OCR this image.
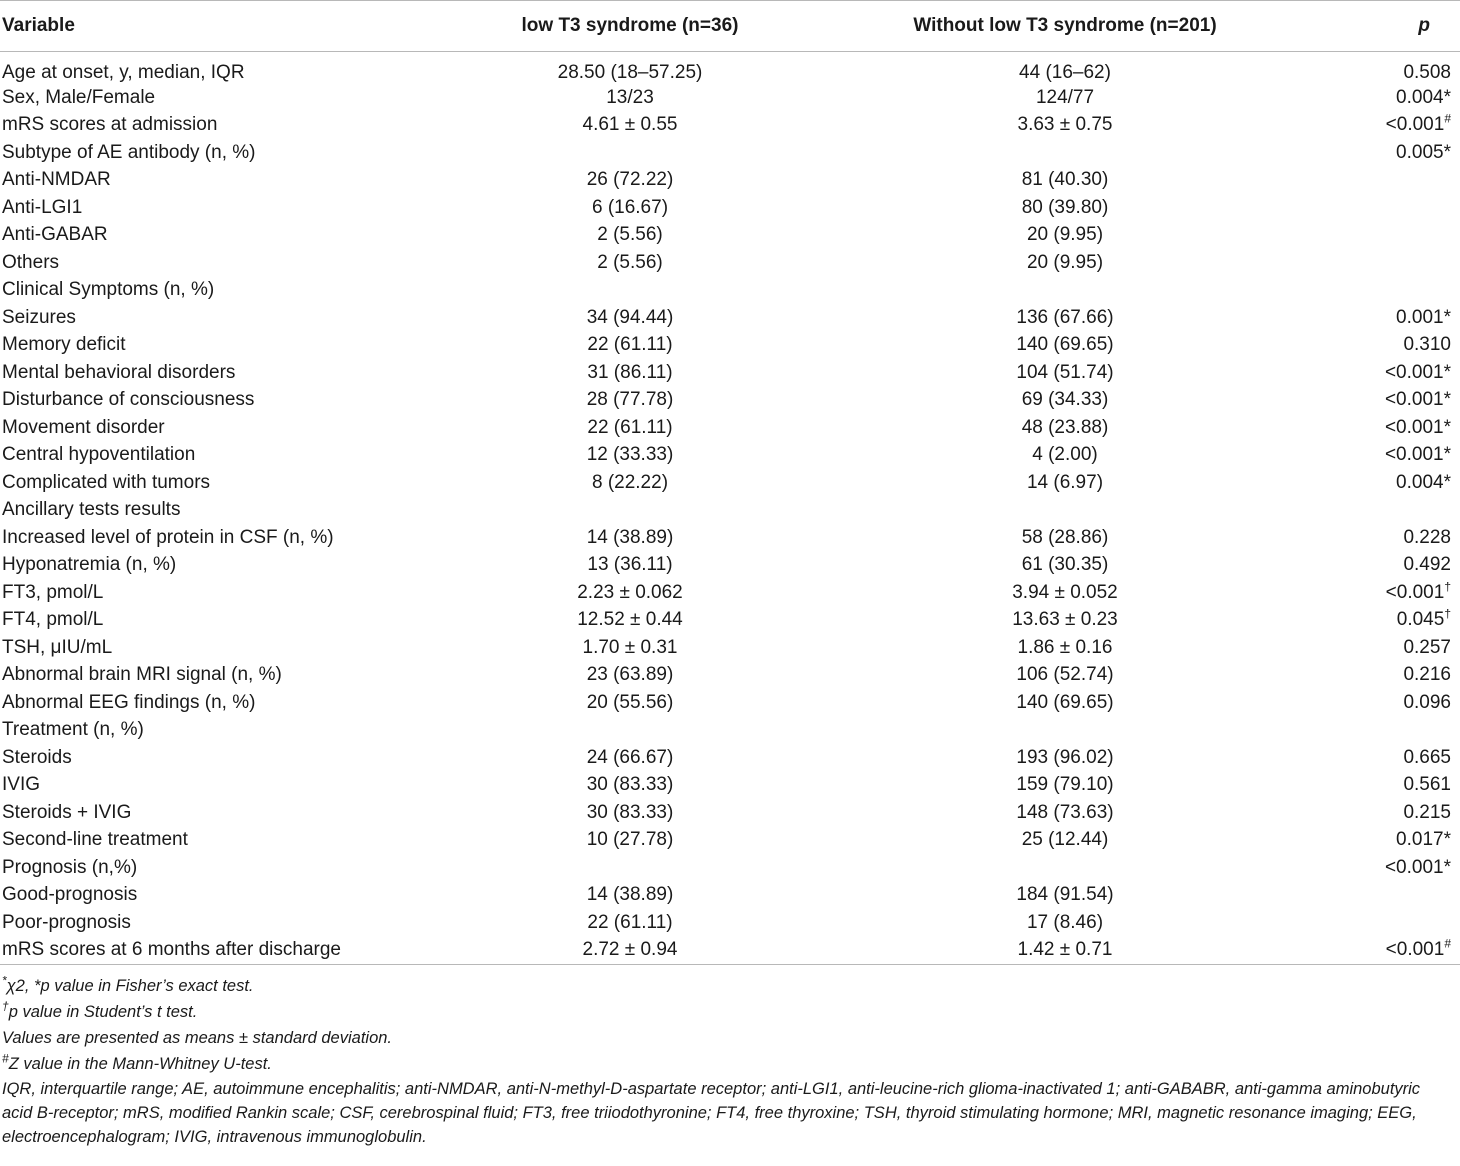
Variable	low T3 syndrome (n=36)	Without low T3 syndrome (n=201)	p
Age at onset, y, median, IQR	28.50 (18–57.25)	44 (16–62)	0.508
Sex, Male/Female	13/23	124/77	0.004*
mRS scores at admission	4.61 ± 0.55	3.63 ± 0.75	<0.001#
Subtype of AE antibody (n, %)			0.005*
Anti-NMDAR	26 (72.22)	81 (40.30)	
Anti-LGI1	6 (16.67)	80 (39.80)	
Anti-GABAR	2 (5.56)	20 (9.95)	
Others	2 (5.56)	20 (9.95)	
Clinical Symptoms (n, %)			
Seizures	34 (94.44)	136 (67.66)	0.001*
Memory deficit	22 (61.11)	140 (69.65)	0.310
Mental behavioral disorders	31 (86.11)	104 (51.74)	<0.001*
Disturbance of consciousness	28 (77.78)	69 (34.33)	<0.001*
Movement disorder	22 (61.11)	48 (23.88)	<0.001*
Central hypoventilation	12 (33.33)	4 (2.00)	<0.001*
Complicated with tumors	8 (22.22)	14 (6.97)	0.004*
Ancillary tests results			
Increased level of protein in CSF (n, %)	14 (38.89)	58 (28.86)	0.228
Hyponatremia (n, %)	13 (36.11)	61 (30.35)	0.492
FT3, pmol/L	2.23 ± 0.062	3.94 ± 0.052	<0.001†
FT4, pmol/L	12.52 ± 0.44	13.63 ± 0.23	0.045†
TSH, μIU/mL	1.70 ± 0.31	1.86 ± 0.16	0.257
Abnormal brain MRI signal (n, %)	23 (63.89)	106 (52.74)	0.216
Abnormal EEG findings (n, %)	20 (55.56)	140 (69.65)	0.096
Treatment (n, %)			
Steroids	24 (66.67)	193 (96.02)	0.665
IVIG	30 (83.33)	159 (79.10)	0.561
Steroids + IVIG	30 (83.33)	148 (73.63)	0.215
Second-line treatment	10 (27.78)	25 (12.44)	0.017*
Prognosis (n,%)			<0.001*
Good-prognosis	14 (38.89)	184 (91.54)	
Poor-prognosis	22 (61.11)	17 (8.46)	
mRS scores at 6 months after discharge	2.72 ± 0.94	1.42 ± 0.71	<0.001#
*χ2, *p value in Fisher’s exact test.
†p value in Student’s t test.
Values are presented as means ± standard deviation.
#Z value in the Mann-Whitney U-test.
IQR, interquartile range; AE, autoimmune encephalitis; anti-NMDAR, anti-N-methyl-D-aspartate receptor; anti-LGI1, anti-leucine-rich glioma-inactivated 1; anti-GABABR, anti-gamma aminobutyric acid B-receptor; mRS, modified Rankin scale; CSF, cerebrospinal fluid; FT3, free triiodothyronine; FT4, free thyroxine; TSH, thyroid stimulating hormone; MRI, magnetic resonance imaging; EEG, electroencephalogram; IVIG, intravenous immunoglobulin.
